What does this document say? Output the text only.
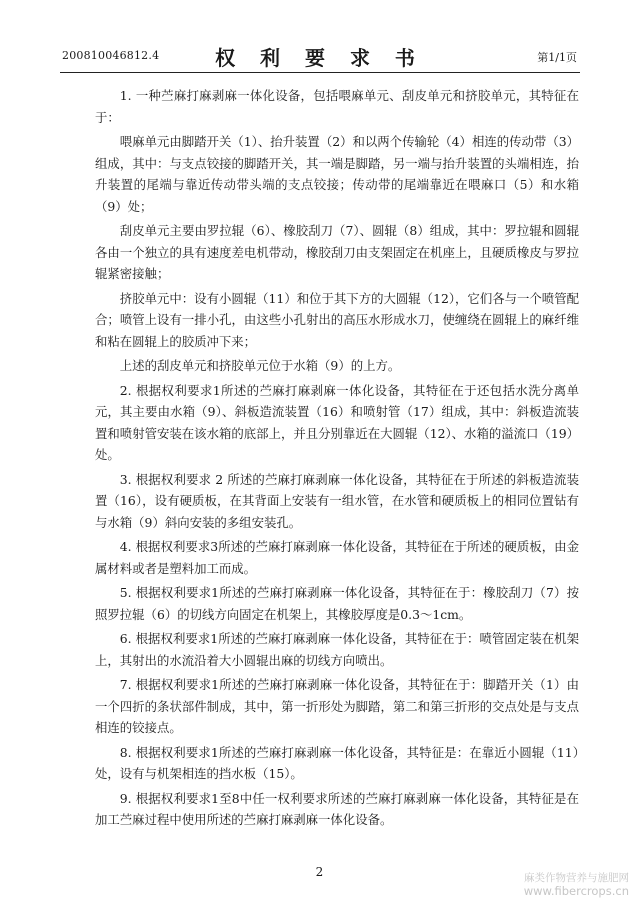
200810046812.4	权 利 要 求 书	第1/1页

1. 一种苎麻打麻剥麻一体化设备，包括喂麻单元、刮皮单元和挤胶单元，其特征在于：

喂麻单元由脚踏开关（1）、抬升装置（2）和以两个传输轮（4）相连的传动带（3）组成，其中：与支点铰接的脚踏开关，其一端是脚踏，另一端与抬升装置的头端相连，抬升装置的尾端与靠近传动带头端的支点铰接；传动带的尾端靠近在喂麻口（5）和水箱（9）处；

刮皮单元主要由罗拉辊（6）、橡胶刮刀（7）、圆辊（8）组成，其中：罗拉辊和圆辊各由一个独立的具有速度差电机带动，橡胶刮刀由支架固定在机座上，且硬质橡皮与罗拉辊紧密接触；

挤胶单元中：设有小圆辊（11）和位于其下方的大圆辊（12），它们各与一个喷管配合；喷管上设有一排小孔，由这些小孔射出的高压水形成水刀，使缠绕在圆辊上的麻纤维和粘在圆辊上的胶质冲下来；

上述的刮皮单元和挤胶单元位于水箱（9）的上方。

2. 根据权利要求1所述的苎麻打麻剥麻一体化设备，其特征在于还包括水洗分离单元，其主要由水箱（9）、斜板造流装置（16）和喷射管（17）组成，其中：斜板造流装置和喷射管安装在该水箱的底部上，并且分别靠近在大圆辊（12）、水箱的溢流口（19）处。

3. 根据权利要求 2 所述的苎麻打麻剥麻一体化设备，其特征在于所述的斜板造流装置（16），设有硬质板，在其背面上安装有一组水管，在水管和硬质板上的相同位置钻有与水箱（9）斜向安装的多组安装孔。

4. 根据权利要求3所述的苎麻打麻剥麻一体化设备，其特征在于所述的硬质板，由金属材料或者是塑料加工而成。

5. 根据权利要求1所述的苎麻打麻剥麻一体化设备，其特征在于：橡胶刮刀（7）按照罗拉辊（6）的切线方向固定在机架上，其橡胶厚度是0.3～1cm。

6. 根据权利要求1所述的苎麻打麻剥麻一体化设备，其特征在于：喷管固定装在机架上，其射出的水流沿着大小圆辊出麻的切线方向喷出。

7. 根据权利要求1所述的苎麻打麻剥麻一体化设备，其特征在于：脚踏开关（1）由一个四折的条状部件制成，其中，第一折形处为脚踏，第二和第三折形的交点处是与支点相连的铰接点。

8. 根据权利要求1所述的苎麻打麻剥麻一体化设备，其特征是：在靠近小圆辊（11）处，设有与机架相连的挡水板（15）。

9. 根据权利要求1至8中任一权利要求所述的苎麻打麻剥麻一体化设备，其特征是在加工苎麻过程中使用所述的苎麻打麻剥麻一体化设备。

2	麻类作物营养与施肥网
www.fibercrops.cn
